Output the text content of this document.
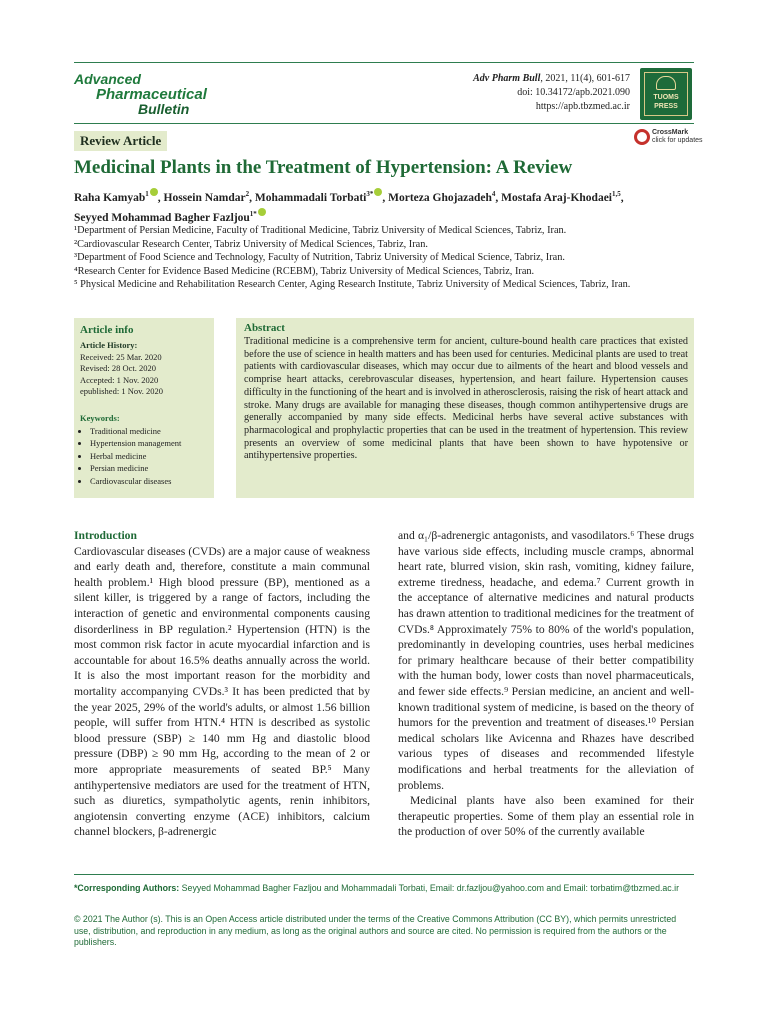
Advanced
Pharmaceutical
Bulletin
Adv Pharm Bull, 2021, 11(4), 601-617
doi: 10.34172/apb.2021.090
https://apb.tbzmed.ac.ir
TUOMS
PRESS
Review Article
CrossMark
click for updates
Medicinal Plants in the Treatment of Hypertension: A Review
Raha Kamyab$^1$ , Hossein Namdar$^2$, Mohammadali Torbati$^{3*}$ , Morteza Ghojazadeh$^4$, Mostafa Araj-Khodaei$^{1,5}$,
Seyyed Mohammad Bagher Fazljou$^{1*}$
¹Department of Persian Medicine, Faculty of Traditional Medicine, Tabriz University of Medical Sciences, Tabriz, Iran.
²Cardiovascular Research Center, Tabriz University of Medical Sciences, Tabriz, Iran.
³Department of Food Science and Technology, Faculty of Nutrition, Tabriz University of Medical Science, Tabriz, Iran.
⁴Research Center for Evidence Based Medicine (RCEBM), Tabriz University of Medical Sciences, Tabriz, Iran.
⁵ Physical Medicine and Rehabilitation Research Center, Aging Research Institute, Tabriz University of Medical Sciences, Tabriz, Iran.
Article info
Article History:
Received: 25 Mar. 2020
Revised: 28 Oct. 2020
Accepted: 1 Nov. 2020
epublished: 1 Nov. 2020
Keywords:
• Traditional medicine
• Hypertension management
• Herbal medicine
• Persian medicine
• Cardiovascular diseases
Abstract
Traditional medicine is a comprehensive term for ancient, culture-bound health care practices that existed before the use of science in health matters and has been used for centuries. Medicinal plants are used to treat patients with cardiovascular diseases, which may occur due to ailments of the heart and blood vessels and comprise heart attacks, cerebrovascular diseases, hypertension, and heart failure. Hypertension causes difficulty in the functioning of the heart and is involved in atherosclerosis, raising the risk of heart attack and stroke. Many drugs are available for managing these diseases, though common antihypertensive drugs are generally accompanied by many side effects. Medicinal herbs have several active substances with pharmacological and prophylactic properties that can be used in the treatment of hypertension. This review presents an overview of some medicinal plants that have been shown to have hypotensive or antihypertensive properties.

Introduction

Cardiovascular diseases (CVDs) are a major cause of weakness and early death and, therefore, constitute a main communal health problem.¹ High blood pressure (BP), mentioned as a silent killer, is triggered by a range of factors, including the interaction of genetic and environmental components causing disorderliness in BP regulation.² Hypertension (HTN) is the most common risk factor in acute myocardial infarction and is accountable for about 16.5% deaths annually across the world. It is also the most important reason for the morbidity and mortality accompanying CVDs.³ It has been predicted that by the year 2025, 29% of the world's adults, or almost 1.56 billion people, will suffer from HTN.⁴ HTN is described as systolic blood pressure (SBP) ≥ 140 mm Hg and diastolic blood pressure (DBP) ≥ 90 mm Hg, according to the mean of 2 or more appropriate measurements of seated BP.⁵ Many antihypertensive mediators are used for the treatment of HTN, such as diuretics, sympatholytic agents, renin inhibitors, angiotensin converting enzyme (ACE) inhibitors, calcium channel blockers, β-adrenergic

and α₁/β-adrenergic antagonists, and vasodilators.⁶ These drugs have various side effects, including muscle cramps, abnormal heart rate, blurred vision, skin rash, vomiting, kidney failure, extreme tiredness, headache, and edema.⁷ Current growth in the acceptance of alternative medicines and natural products has drawn attention to traditional medicines for the treatment of CVDs.⁸ Approximately 75% to 80% of the world's population, predominantly in developing countries, uses herbal medicines for primary healthcare because of their better compatibility with the human body, lower costs than novel pharmaceuticals, and fewer side effects.⁹ Persian medicine, an ancient and well-known traditional system of medicine, is based on the theory of humors for the prevention and treatment of diseases.¹⁰ Persian medical scholars like Avicenna and Rhazes have described various types of diseases and recommended lifestyle modifications and herbal treatments for the alleviation of problems.

Medicinal plants have also been examined for their therapeutic properties. Some of them play an essential role in the production of over 50% of the currently available

*Corresponding Authors: Seyyed Mohammad Bagher Fazljou and Mohammadali Torbati, Email: dr.fazljou@yahoo.com and Email: torbatim@tbzmed.ac.ir
© 2021 The Author (s). This is an Open Access article distributed under the terms of the Creative Commons Attribution (CC BY), which permits unrestricted use, distribution, and reproduction in any medium, as long as the original authors and source are cited. No permission is required from the authors or the publishers.
